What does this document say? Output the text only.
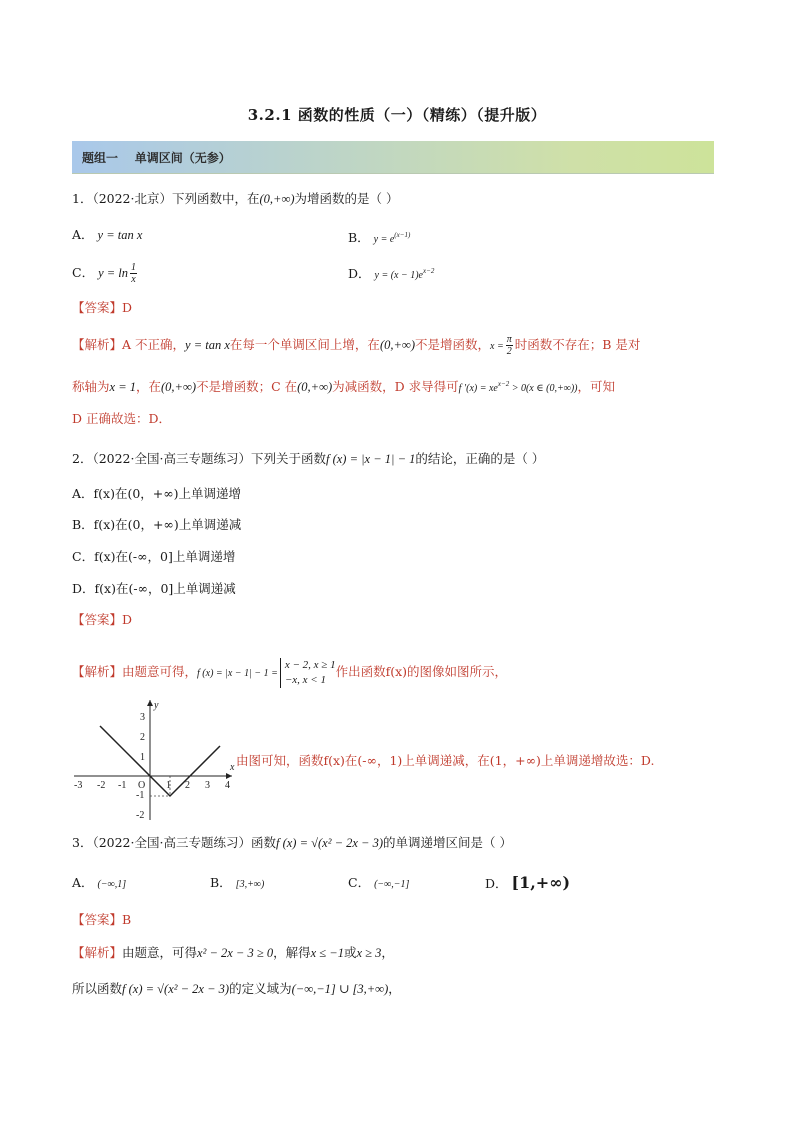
3.2.1 函数的性质（一）（精练）（提升版）
题组一    单调区间（无参）
1．（2022·北京）下列函数中，在(0,+∞)为增函数的是（ ）
A． y = tan x	B． $y = e^{(x-1)}$
C． $y = \ln \frac{1}{x}$	D． $y = (x - 1)e^{x-2}$
【答案】D
【解析】A 不正确，y = tan x在每一个单调区间上增，在(0,+∞)不是增函数，$x = \frac{\pi}{2}$ 时函数不存在；B 是对
称轴为x = 1，在(0,+∞)不是增函数；C 在(0,+∞)为减函数，D 求导得可f $'(x) = xe^{x-2} > 0(x$ ∈ (0,+∞))，可知
D 正确故选：D．
2．（2022·全国·高三专题练习）下列关于函数f (x) = |x − 1| − 1的结论，正确的是（ ）
A．f(x)在(0，+∞)上单调递增
B．f(x)在(0，+∞)上单调递减
C．f(x)在(-∞，0]上单调递增
D．f(x)在(-∞，0]上单调递减
【答案】D
【解析】由题意可得，f (x) = |x − 1| − 1 =
x − 2, x ≥ 1
−x, x < 1
作出函数f(x)的图像如图所示，
-3 -2 -1 O 1 2 3 4
3
2
1
-1
-2
x
y
由图可知，函数f(x)在(-∞，1)上单调递减，在(1，+∞)上单调递增故选：D.
3．（2022·全国·高三专题练习）函数f (x) = √(x² − 2x − 3)的单调递增区间是（ ）
A． (−∞,1]	B． [3,+∞)	C． (−∞,−1]	D． [1,+∞)
【答案】B
【解析】由题意，可得x² − 2x − 3 ≥ 0，解得x ≤ −1或x ≥ 3，
所以函数f (x) = √(x² − 2x − 3)的定义域为(−∞,−1] ∪ [3,+∞)，
